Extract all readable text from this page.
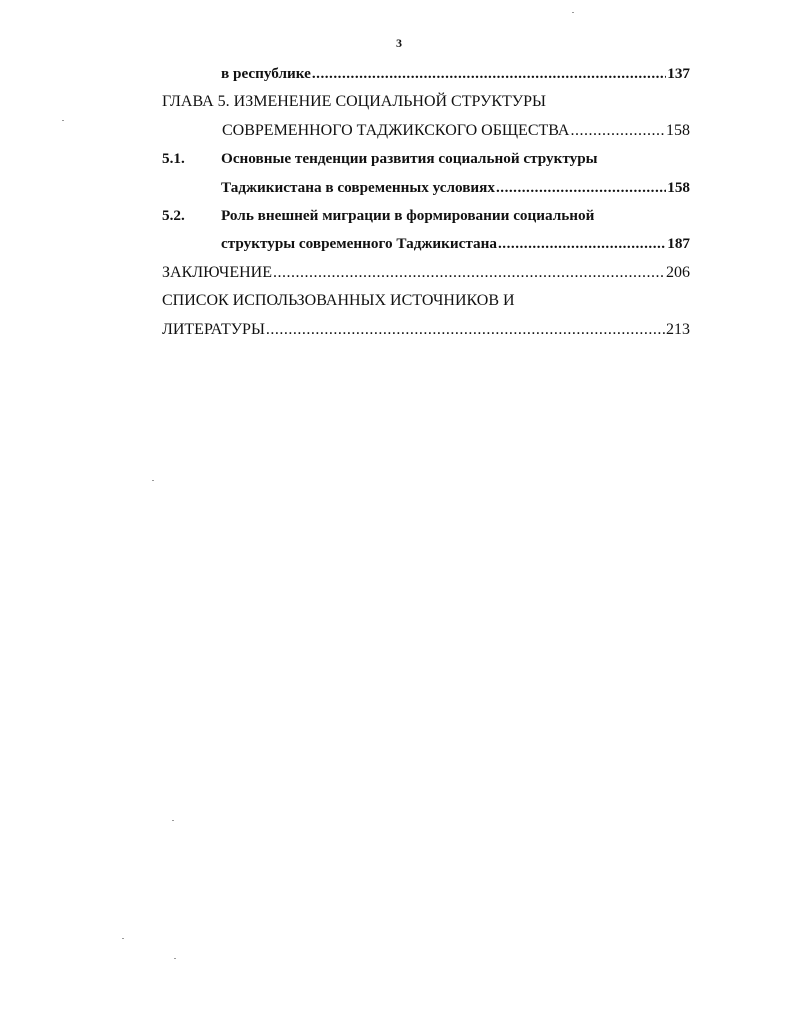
3
в республике .....	137
ГЛАВА 5. ИЗМЕНЕНИЕ СОЦИАЛЬНОЙ СТРУКТУРЫ
СОВРЕМЕННОГО ТАДЖИКСКОГО ОБЩЕСТВА .....	158
5.1.	Основные тенденции развития социальной структуры
Таджикистана в современных условиях .....	158
5.2.	Роль внешней миграции в формировании социальной
структуры современного Таджикистана .....	187
ЗАКЛЮЧЕНИЕ .....	206
СПИСОК ИСПОЛЬЗОВАННЫХ ИСТОЧНИКОВ И
ЛИТЕРАТУРЫ .....	213
